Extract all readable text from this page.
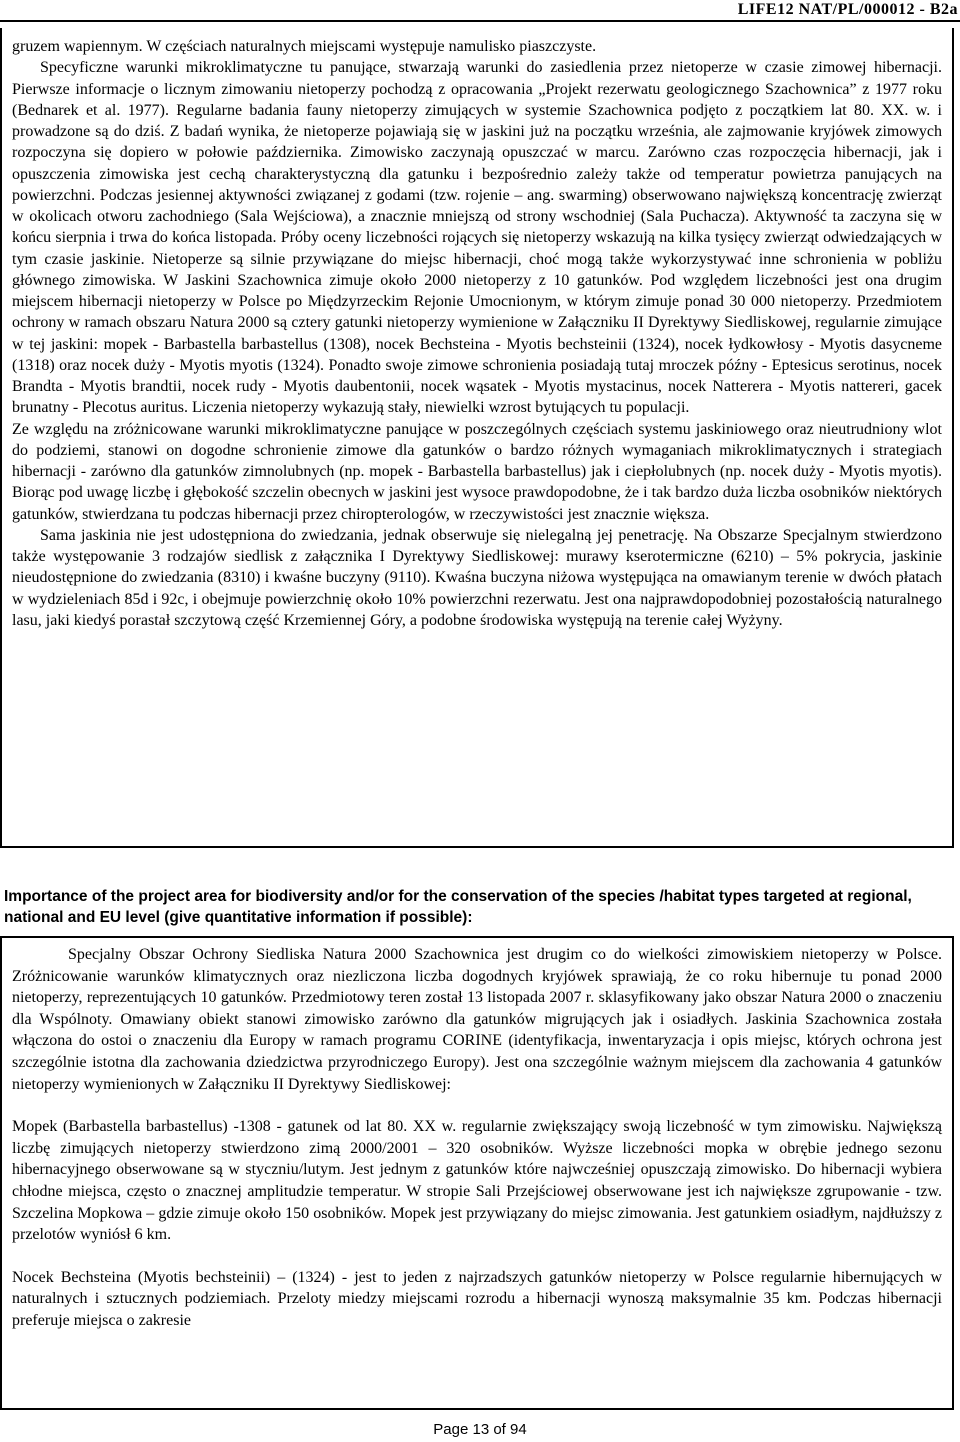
LIFE12 NAT/PL/000012 - B2a

gruzem wapiennym. W częściach naturalnych miejscami występuje namulisko piaszczyste.

Specyficzne warunki mikroklimatyczne tu panujące, stwarzają warunki do zasiedlenia przez nietoperze w czasie zimowej hibernacji. Pierwsze informacje o licznym zimowaniu nietoperzy pochodzą z opracowania „Projekt rezerwatu geologicznego Szachownica” z 1977 roku (Bednarek et al. 1977). Regularne badania fauny nietoperzy zimujących w systemie Szachownica podjęto z początkiem lat 80. XX. w. i prowadzone są do dziś. Z badań wynika, że nietoperze pojawiają się w jaskini już na początku września, ale zajmowanie kryjówek zimowych rozpoczyna się dopiero w połowie października. Zimowisko zaczynają opuszczać w marcu. Zarówno czas rozpoczęcia hibernacji, jak i opuszczenia zimowiska jest cechą charakterystyczną dla gatunku i bezpośrednio zależy także od temperatur powietrza panujących na powierzchni. Podczas jesiennej aktywności związanej z godami (tzw. rojenie – ang. swarming) obserwowano największą koncentrację zwierząt w okolicach otworu zachodniego (Sala Wejściowa), a znacznie mniejszą od strony wschodniej (Sala Puchacza). Aktywność ta zaczyna się w końcu sierpnia i trwa do końca listopada. Próby oceny liczebności rojących się nietoperzy wskazują na kilka tysięcy zwierząt odwiedzających w tym czasie jaskinie. Nietoperze są silnie przywiązane do miejsc hibernacji, choć mogą także wykorzystywać inne schronienia w pobliżu głównego zimowiska. W Jaskini Szachownica zimuje około 2000 nietoperzy z 10 gatunków. Pod względem liczebności jest ona drugim miejscem hibernacji nietoperzy w Polsce po Międzyrzeckim Rejonie Umocnionym, w którym zimuje ponad 30 000 nietoperzy. Przedmiotem ochrony w ramach obszaru Natura 2000 są cztery gatunki nietoperzy wymienione w Załączniku II Dyrektywy Siedliskowej, regularnie zimujące w tej jaskini: mopek - Barbastella barbastellus (1308), nocek Bechsteina - Myotis bechsteinii (1324), nocek łydkowłosy - Myotis dasycneme (1318) oraz nocek duży - Myotis myotis (1324). Ponadto swoje zimowe schronienia posiadają tutaj mroczek późny - Eptesicus serotinus, nocek Brandta - Myotis brandtii, nocek rudy - Myotis daubentonii, nocek wąsatek - Myotis mystacinus, nocek Natterera - Myotis nattereri, gacek brunatny - Plecotus auritus. Liczenia nietoperzy wykazują stały, niewielki wzrost bytujących tu populacji.

Ze względu na zróżnicowane warunki mikroklimatyczne panujące w poszczególnych częściach systemu jaskiniowego oraz nieutrudniony wlot do podziemi, stanowi on dogodne schronienie zimowe dla gatunków o bardzo różnych wymaganiach mikroklimatycznych i strategiach hibernacji - zarówno dla gatunków zimnolubnych (np. mopek - Barbastella barbastellus) jak i ciepłolubnych (np. nocek duży - Myotis myotis). Biorąc pod uwagę liczbę i głębokość szczelin obecnych w jaskini jest wysoce prawdopodobne, że i tak bardzo duża liczba osobników niektórych gatunków, stwierdzana tu podczas hibernacji przez chiropterologów, w rzeczywistości jest znacznie większa.

Sama jaskinia nie jest udostępniona do zwiedzania, jednak obserwuje się nielegalną jej penetrację. Na Obszarze Specjalnym stwierdzono także występowanie 3 rodzajów siedlisk z załącznika I Dyrektywy Siedliskowej: murawy kserotermiczne (6210) – 5% pokrycia, jaskinie nieudostępnione do zwiedzania (8310) i kwaśne buczyny (9110). Kwaśna buczyna niżowa występująca na omawianym terenie w dwóch płatach w wydzieleniach 85d i 92c, i obejmuje powierzchnię około 10% powierzchni rezerwatu. Jest ona najprawdopodobniej pozostałością naturalnego lasu, jaki kiedyś porastał szczytową część Krzemiennej Góry, a podobne środowiska występują na terenie całej Wyżyny.

Importance of the project area for biodiversity and/or for the conservation of the species /habitat types targeted at regional, national and EU level (give quantitative information if possible):

Specjalny Obszar Ochrony Siedliska Natura 2000 Szachownica jest drugim co do wielkości zimowiskiem nietoperzy w Polsce. Zróżnicowanie warunków klimatycznych oraz niezliczona liczba dogodnych kryjówek sprawiają, że co roku hibernuje tu ponad 2000 nietoperzy, reprezentujących 10 gatunków. Przedmiotowy teren został 13 listopada 2007 r. sklasyfikowany jako obszar Natura 2000 o znaczeniu dla Wspólnoty. Omawiany obiekt stanowi zimowisko zarówno dla gatunków migrujących jak i osiadłych. Jaskinia Szachownica została włączona do ostoi o znaczeniu dla Europy w ramach programu CORINE (identyfikacja, inwentaryzacja i opis miejsc, których ochrona jest szczególnie istotna dla zachowania dziedzictwa przyrodniczego Europy). Jest ona szczególnie ważnym miejscem dla zachowania 4 gatunków nietoperzy wymienionych w Załączniku II Dyrektywy Siedliskowej:

Mopek (Barbastella barbastellus) -1308 - gatunek od lat 80. XX w. regularnie zwiększający swoją liczebność w tym zimowisku. Największą liczbę zimujących nietoperzy stwierdzono zimą 2000/2001 – 320 osobników. Wyższe liczebności mopka w obrębie jednego sezonu hibernacyjnego obserwowane są w styczniu/lutym. Jest jednym z gatunków które najwcześniej opuszczają zimowisko. Do hibernacji wybiera chłodne miejsca, często o znacznej amplitudzie temperatur. W stropie Sali Przejściowej obserwowane jest ich największe zgrupowanie - tzw. Szczelina Mopkowa – gdzie zimuje około 150 osobników. Mopek jest przywiązany do miejsc zimowania. Jest gatunkiem osiadłym, najdłuższy z przelotów wyniósł 6 km.

Nocek Bechsteina (Myotis bechsteinii) – (1324) - jest to jeden z najrzadszych gatunków nietoperzy w Polsce regularnie hibernujących w naturalnych i sztucznych podziemiach. Przeloty miedzy miejscami rozrodu a hibernacji wynoszą maksymalnie 35 km. Podczas hibernacji preferuje miejsca o zakresie

Page 13 of 94
